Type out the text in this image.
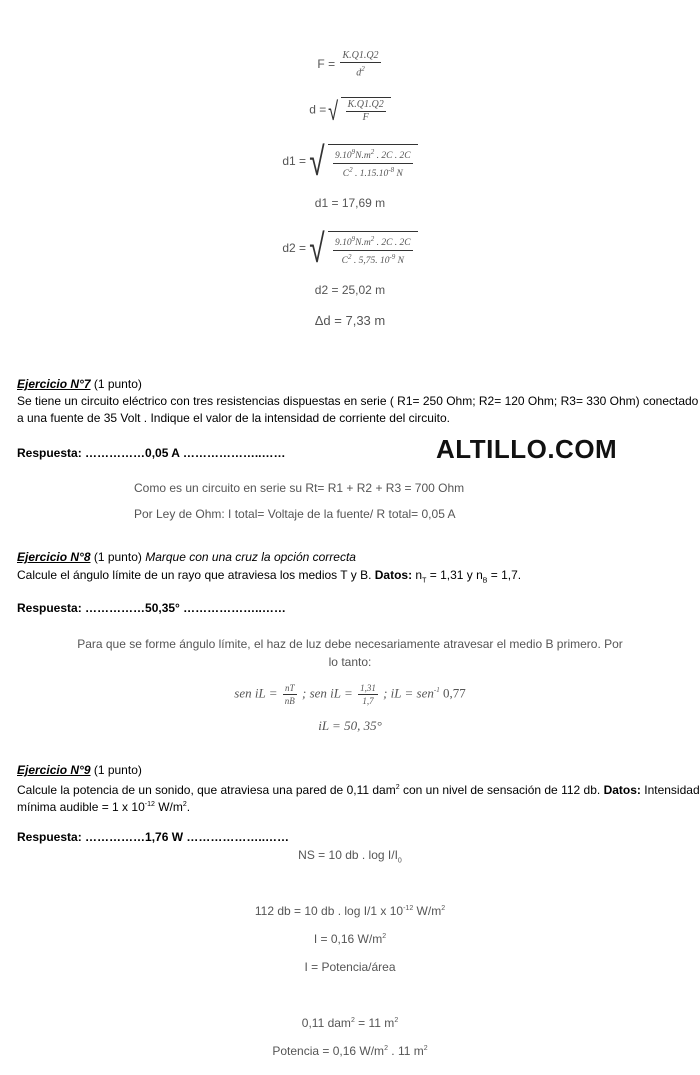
$F = \frac{K.Q1.Q2}{d^2}$
d =√ $\frac{K.Q1.Q2}{F}$
d1 =√ $\frac{9.10^9N.m^2 . 2C . 2C}{C^2 . 1.15.10^{-8} N}$
d1 = 17,69 m
d2 =√ $\frac{9.10^9N.m^2 . 2C . 2C}{C^2 . 5,75. 10^{-9} N}$
d2 = 25,02 m
Δd = 7,33 m
Ejercicio N°7 (1 punto)
Se tiene un circuito eléctrico con tres resistencias dispuestas en serie ( R1= 250 Ohm; R2= 120 Ohm; R3= 330 Ohm) conectado
a una fuente de 35 Volt . Indique el valor de la intensidad de corriente del circuito.
Respuesta: ……………0,05 A ………………..……	ALTILLO.COM
Como es un circuito en serie su Rt= R1 + R2 + R3 = 700 Ohm
Por Ley de Ohm: I total= Voltaje de la fuente/ R total= 0,05 A
Ejercicio N°8 (1 punto) Marque con una cruz la opción correcta
Calcule el ángulo límite de un rayo que atraviesa los medios T y B. Datos: $n_T = 1,31$ y $n_B = 1,7$.
Respuesta: ……………50,35° ………………..……
Para que se forme ángulo límite, el haz de luz debe necesariamente atravesar el medio B primero. Por
lo tanto:
sen iL = $\frac{nT}{nB}$ ; sen iL = $\frac{1,31}{1,7}$ ; iL = sen$^{-1}$ 0,77
iL = 50, 35°
Ejercicio N°9 (1 punto)
Calcule la potencia de un sonido, que atraviesa una pared de 0,11 dam$^2$ con un nivel de sensación de 112 db. Datos: Intensidad
mínima audible = 1 x $10^{-12}$ $W/m^2$.
Respuesta: ……………1,76 W ………………..……
NS = 10 db . $\log I/I_0$
112 db = 10 db . log I/1 x $10^{-12}$ $W/m^2$
I = 0,16 $W/m^2$
I = Potencia/área
0,11 dam$^2$ = 11 $m^2$
Potencia = 0,16 $W/m^2$ . 11 $m^2$
